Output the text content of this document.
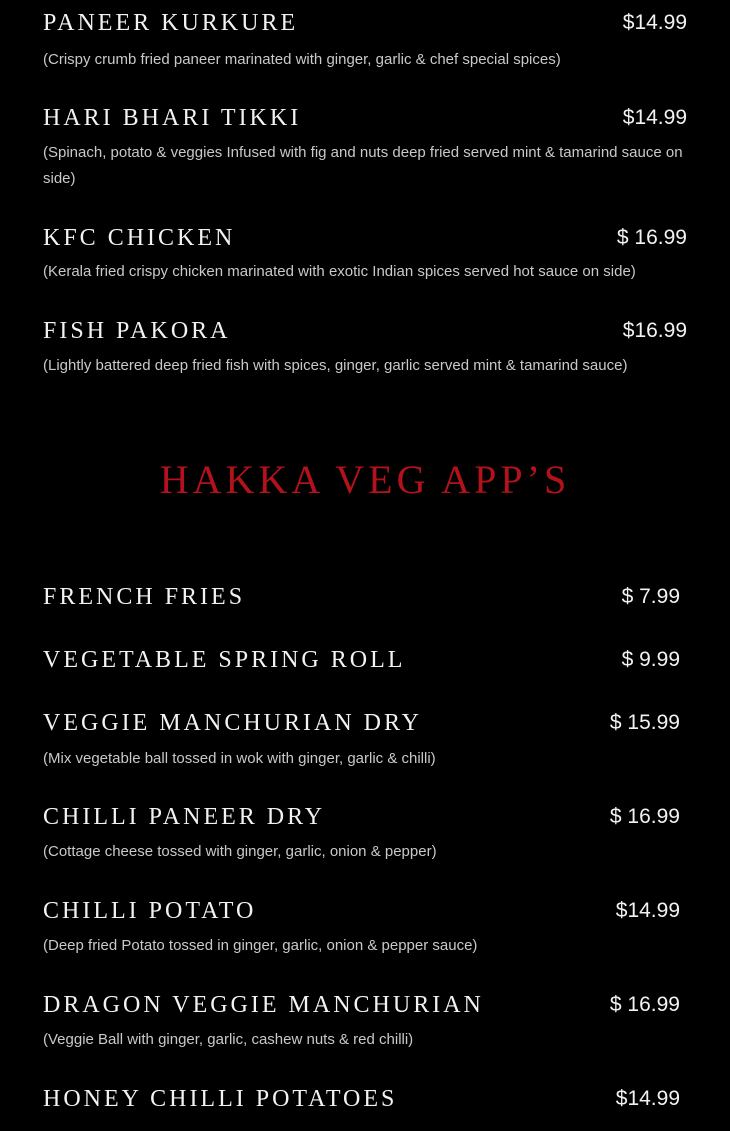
PANEER KURKURE	$14.99
(Crispy crumb fried paneer marinated with ginger, garlic & chef special spices)
HARI BHARI TIKKI	$14.99
(Spinach, potato & veggies Infused with fig and nuts deep fried served mint & tamarind sauce on side)
KFC CHICKEN	$ 16.99
(Kerala fried crispy chicken marinated with exotic Indian spices served hot sauce on side)
FISH PAKORA	$16.99
(Lightly battered deep fried fish with spices, ginger, garlic served mint & tamarind sauce)
HAKKA VEG APP’S
FRENCH FRIES	$ 7.99
VEGETABLE SPRING ROLL	$ 9.99
VEGGIE MANCHURIAN DRY	$ 15.99
(Mix vegetable ball tossed in wok with ginger, garlic & chilli)
CHILLI PANEER DRY	$ 16.99
(Cottage cheese tossed with ginger, garlic, onion & pepper)
CHILLI POTATO	$14.99
(Deep fried Potato tossed in ginger, garlic, onion & pepper sauce)
DRAGON VEGGIE MANCHURIAN	$ 16.99
(Veggie Ball with ginger, garlic, cashew nuts & red chilli)
HONEY CHILLI POTATOES	$14.99
